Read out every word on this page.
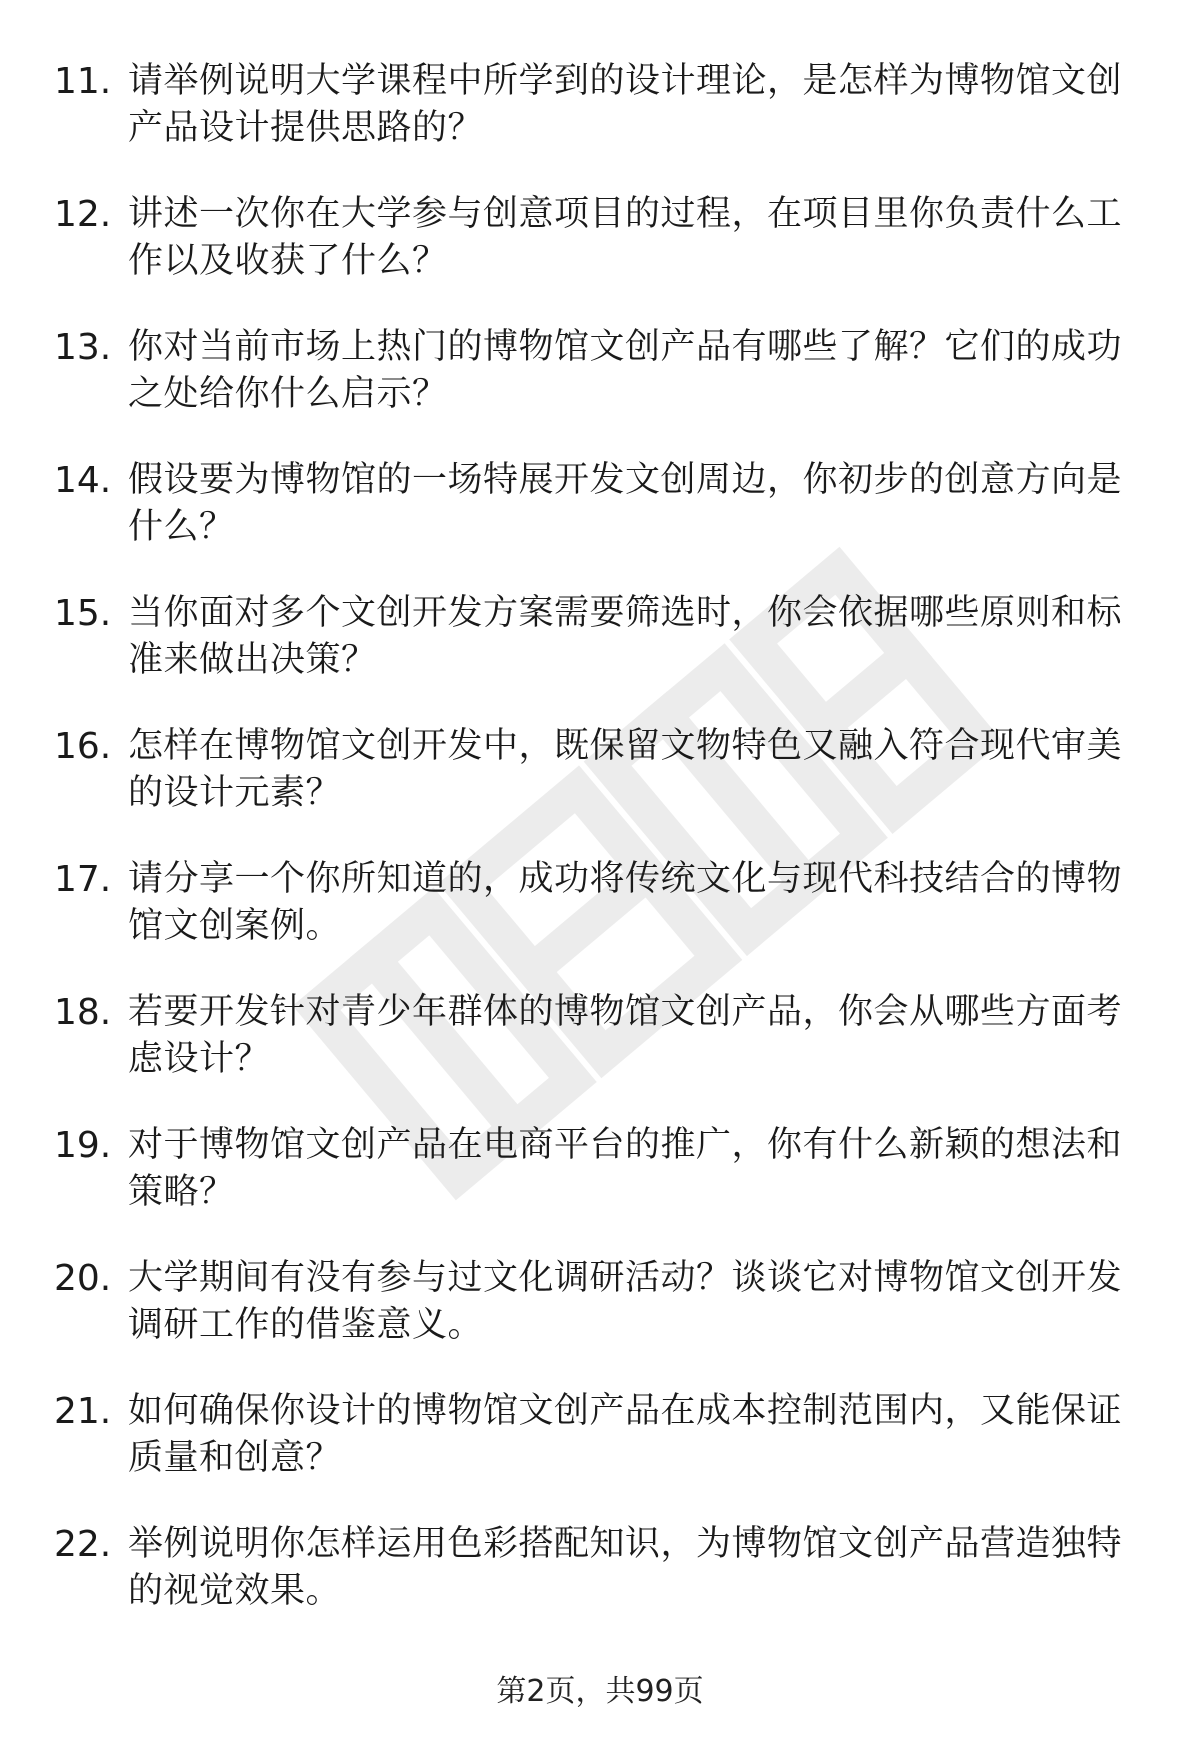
11. 请举例说明大学课程中所学到的设计理论，是怎样为博物馆文创产品设计提供思路的？
12. 讲述一次你在大学参与创意项目的过程，在项目里你负责什么工作以及收获了什么？
13. 你对当前市场上热门的博物馆文创产品有哪些了解？它们的成功之处给你什么启示？
14. 假设要为博物馆的一场特展开发文创周边，你初步的创意方向是什么？
15. 当你面对多个文创开发方案需要筛选时，你会依据哪些原则和标准来做出决策？
16. 怎样在博物馆文创开发中，既保留文物特色又融入符合现代审美的设计元素？
17. 请分享一个你所知道的，成功将传统文化与现代科技结合的博物馆文创案例。
18. 若要开发针对青少年群体的博物馆文创产品，你会从哪些方面考虑设计？
19. 对于博物馆文创产品在电商平台的推广，你有什么新颖的想法和策略？
20. 大学期间有没有参与过文化调研活动？谈谈它对博物馆文创开发调研工作的借鉴意义。
21. 如何确保你设计的博物馆文创产品在成本控制范围内，又能保证质量和创意？
22. 举例说明你怎样运用色彩搭配知识，为博物馆文创产品营造独特的视觉效果。
第2页，共99页
